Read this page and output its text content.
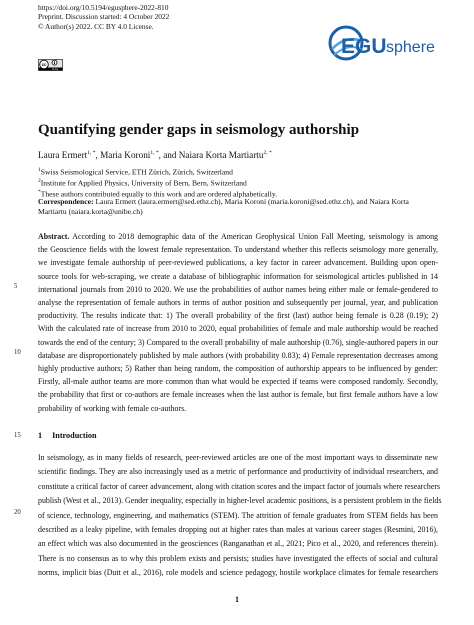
https://doi.org/10.5194/egusphere-2022-810
Preprint. Discussion started: 4 October 2022
© Author(s) 2022. CC BY 4.0 License.
cc
cc by
EGU sphere
Quantifying gender gaps in seismology authorship
Laura Ermert$^{1, *}$, Maria Koroni$^{1, *}$, and Naiara Korta Martiartu$^{2, *}$
$^1$Swiss Seismological Service, ETH Zürich, Zürich, Switzerland
$^2$Institute for Applied Physics, University of Bern, Bern, Switzerland
*These authors contributed equally to this work and are ordered alphabetically.
Correspondence: Laura Ermert (laura.ermert@sed.ethz.ch), Maria Koroni (maria.koroni@sed.ethz.ch), and Naiara Korta
Martiartu (naiara.korta@unibe.ch)
Abstract. According to 2018 demographic data of the American Geophysical Union Fall Meeting, seismology is among
the Geoscience fields with the lowest female representation. To understand whether this reflects seismology more generally,
we investigate female authorship of peer-reviewed publications, a key factor in career advancement. Building upon open-
source tools for web-scraping, we create a database of bibliographic information for seismological articles published in 14
international journals from 2010 to 2020. We use the probabilities of author names being either male or female-gendered to
analyse the representation of female authors in terms of author position and subsequently per journal, year, and publication
productivity. The results indicate that: 1) The overall probability of the first (last) author being female is 0.28 (0.19); 2)
With the calculated rate of increase from 2010 to 2020, equal probabilities of female and male authorship would be reached
towards the end of the century; 3) Compared to the overall probability of male authorship (0.76), single-authored papers in our
database are disproportionately published by male authors (with probability 0.83); 4) Female representation decreases among
highly productive authors; 5) Rather than being random, the composition of authorship appears to be influenced by gender:
Firstly, all-male author teams are more common than what would be expected if teams were composed randomly. Secondly,
the probability that first or co-authors are female increases when the last author is female, but first female authors have a low
probability of working with female co-authors.
5
10
15
20
1 Introduction
In seismology, as in many fields of research, peer-reviewed articles are one of the most important ways to disseminate new
scientific findings. They are also increasingly used as a metric of performance and productivity of individual researchers, and
constitute a critical factor of career advancement, along with citation scores and the impact factor of journals where researchers
publish (West et al., 2013). Gender inequality, especially in higher-level academic positions, is a persistent problem in the fields
of science, technology, engineering, and mathematics (STEM). The attrition of female graduates from STEM fields has been
described as a leaky pipeline, with females dropping out at higher rates than males at various career stages (Resmini, 2016),
an effect which was also documented in the geosciences (Ranganathan et al., 2021; Pico et al., 2020, and references therein).
There is no consensus as to why this problem exists and persists; studies have investigated the effects of social and cultural
norms, implicit bias (Dutt et al., 2016), role models and science pedagogy, hostile workplace climates for female researchers
1
